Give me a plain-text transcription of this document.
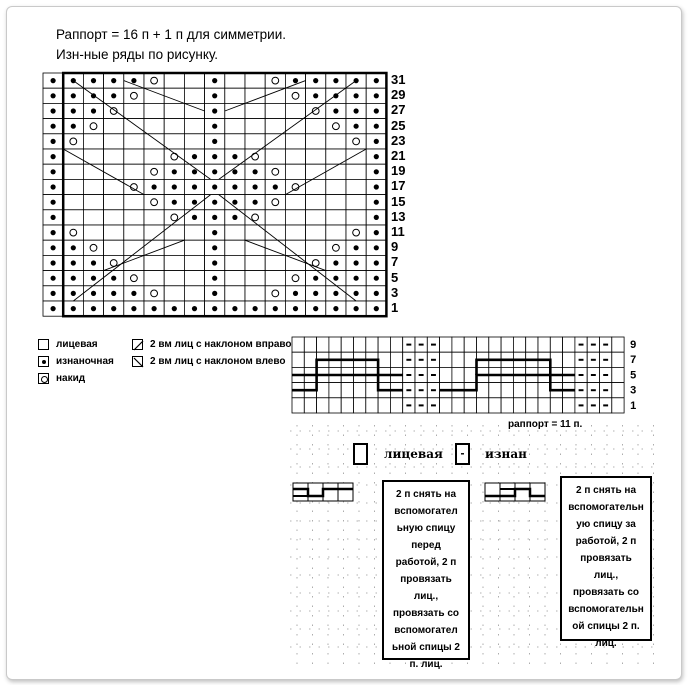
Раппорт = 16 п + 1 п для симметрии.
Изн-ные ряды по рисунку.
31
29
27
25
23
21
19
17
15
13
11
9
7
5
3
1
лицевая
изнаночная
накид
2 вм лиц с наклоном вправо
2 вм лиц с наклоном влево
9
7
5
3
1
раппорт = 11 п.
лицевая	-	изнан
2 п снять на
вспомогател
ьную спицу
перед
работой, 2 п
провязать
лиц.,
провязать со
вспомогател
ьной спицы 2
п. лиц.
2 п снять на
вспомогательн
ую спицу за
работой, 2 п
провязать
лиц.,
провязать со
вспомогательн
ой спицы 2 п.
лиц.
